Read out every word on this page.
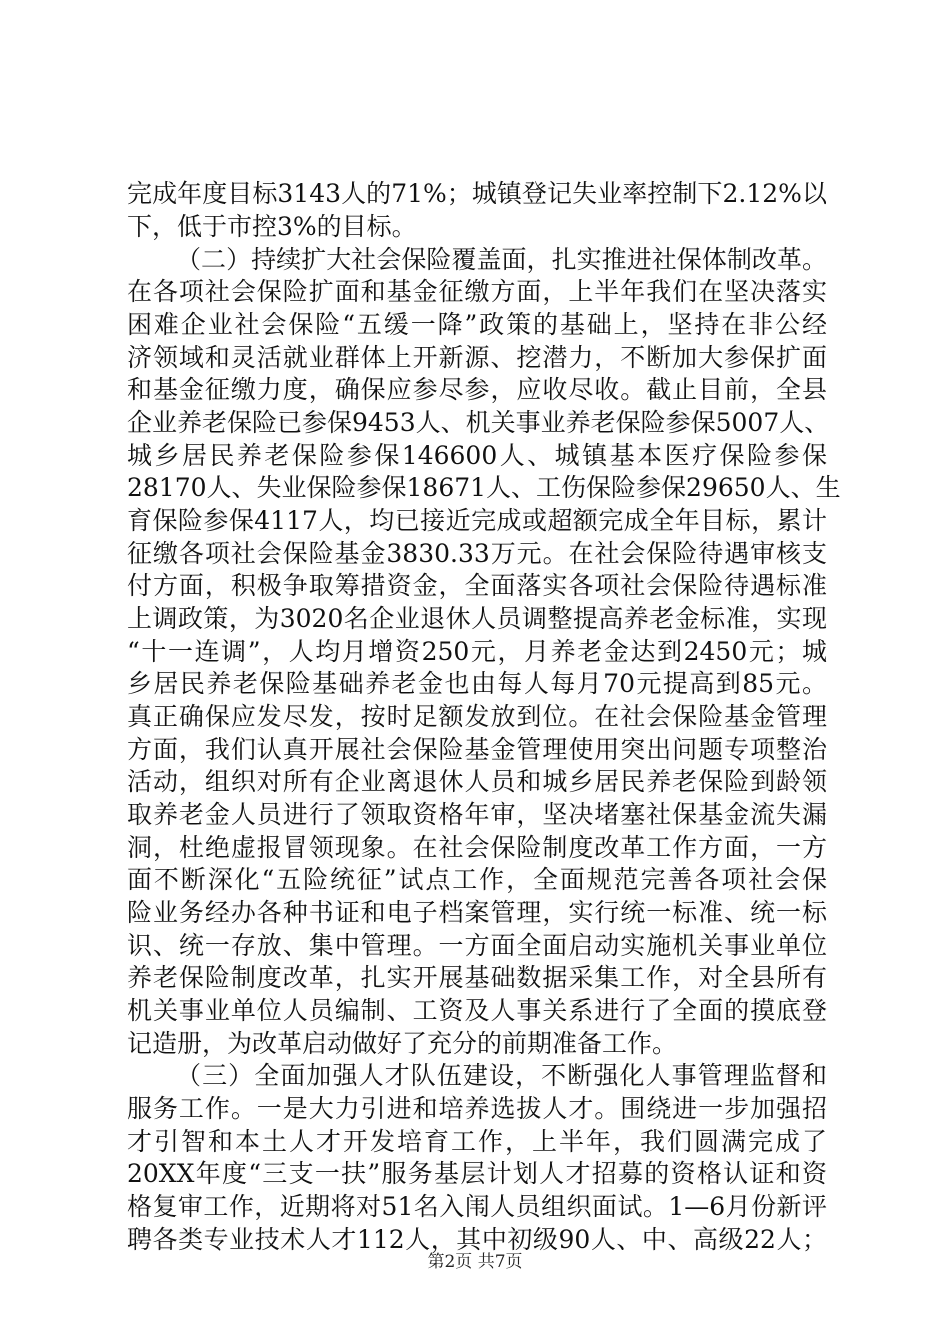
完成年度目标3143人的71%；城镇登记失业率控制下2.12%以
下，低于市控3%的目标。
（二）持续扩大社会保险覆盖面，扎实推进社保体制改革。
在各项社会保险扩面和基金征缴方面，上半年我们在坚决落实
困难企业社会保险“五缓一降”政策的基础上，坚持在非公经
济领域和灵活就业群体上开新源、挖潜力，不断加大参保扩面
和基金征缴力度，确保应参尽参，应收尽收。截止目前，全县
企业养老保险已参保9453人、机关事业养老保险参保5007人、
城乡居民养老保险参保146600人、城镇基本医疗保险参保
28170人、失业保险参保18671人、工伤保险参保29650人、生
育保险参保4117人，均已接近完成或超额完成全年目标，累计
征缴各项社会保险基金3830.33万元。在社会保险待遇审核支
付方面，积极争取筹措资金，全面落实各项社会保险待遇标准
上调政策，为3020名企业退休人员调整提高养老金标准，实现
“十一连调”，人均月增资250元，月养老金达到2450元；城
乡居民养老保险基础养老金也由每人每月70元提高到85元。
真正确保应发尽发，按时足额发放到位。在社会保险基金管理
方面，我们认真开展社会保险基金管理使用突出问题专项整治
活动，组织对所有企业离退休人员和城乡居民养老保险到龄领
取养老金人员进行了领取资格年审，坚决堵塞社保基金流失漏
洞，杜绝虚报冒领现象。在社会保险制度改革工作方面，一方
面不断深化“五险统征”试点工作，全面规范完善各项社会保
险业务经办各种书证和电子档案管理，实行统一标准、统一标
识、统一存放、集中管理。一方面全面启动实施机关事业单位
养老保险制度改革，扎实开展基础数据采集工作，对全县所有
机关事业单位人员编制、工资及人事关系进行了全面的摸底登
记造册，为改革启动做好了充分的前期准备工作。
（三）全面加强人才队伍建设，不断强化人事管理监督和
服务工作。一是大力引进和培养选拔人才。围绕进一步加强招
才引智和本土人才开发培育工作，上半年，我们圆满完成了
20XX年度“三支一扶”服务基层计划人才招募的资格认证和资
格复审工作，近期将对51名入闱人员组织面试。1—6月份新评
聘各类专业技术人才112人，其中初级90人、中、高级22人；
第2页 共7页
